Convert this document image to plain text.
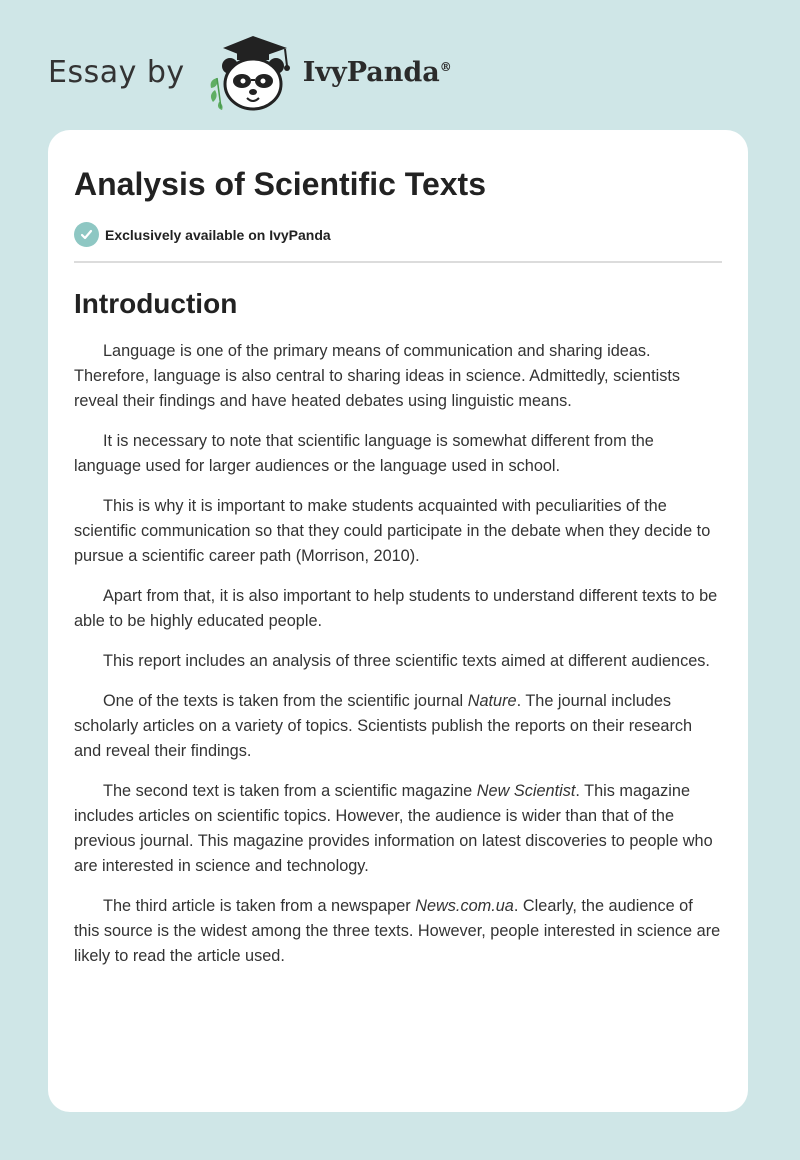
Essay by	IvyPanda®
Analysis of Scientific Texts
Exclusively available on IvyPanda
Introduction

Language is one of the primary means of communication and sharing ideas. Therefore, language is also central to sharing ideas in science. Admittedly, scientists reveal their findings and have heated debates using linguistic means.

It is necessary to note that scientific language is somewhat different from the language used for larger audiences or the language used in school.

This is why it is important to make students acquainted with peculiarities of the scientific communication so that they could participate in the debate when they decide to pursue a scientific career path (Morrison, 2010).

Apart from that, it is also important to help students to understand different texts to be able to be highly educated people.

This report includes an analysis of three scientific texts aimed at different audiences.

One of the texts is taken from the scientific journal Nature. The journal includes scholarly articles on a variety of topics. Scientists publish the reports on their research and reveal their findings.

The second text is taken from a scientific magazine New Scientist. This magazine includes articles on scientific topics. However, the audience is wider than that of the previous journal. This magazine provides information on latest discoveries to people who are interested in science and technology.

The third article is taken from a newspaper News.com.ua. Clearly, the audience of this source is the widest among the three texts. However, people interested in science are likely to read the article used.
